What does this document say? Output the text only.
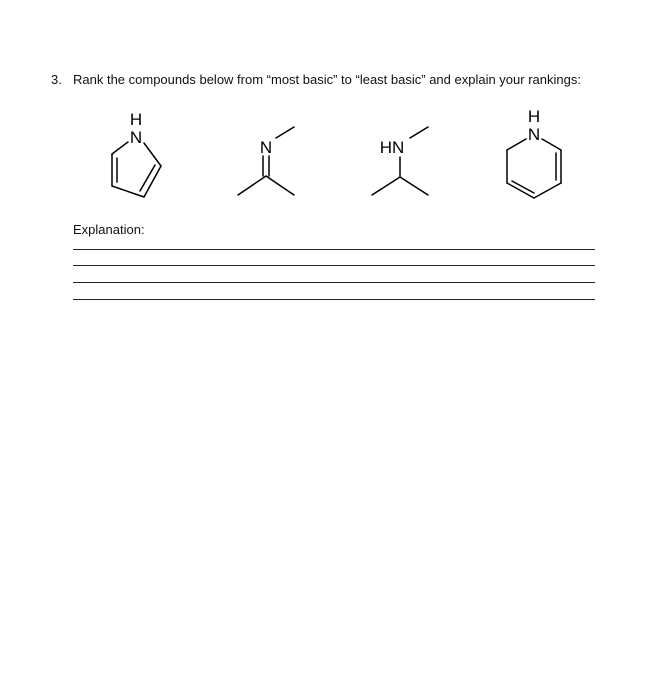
3. Rank the compounds below from “most basic” to “least basic” and explain your rankings:
H
N
N	HN
H
N
Explanation:
